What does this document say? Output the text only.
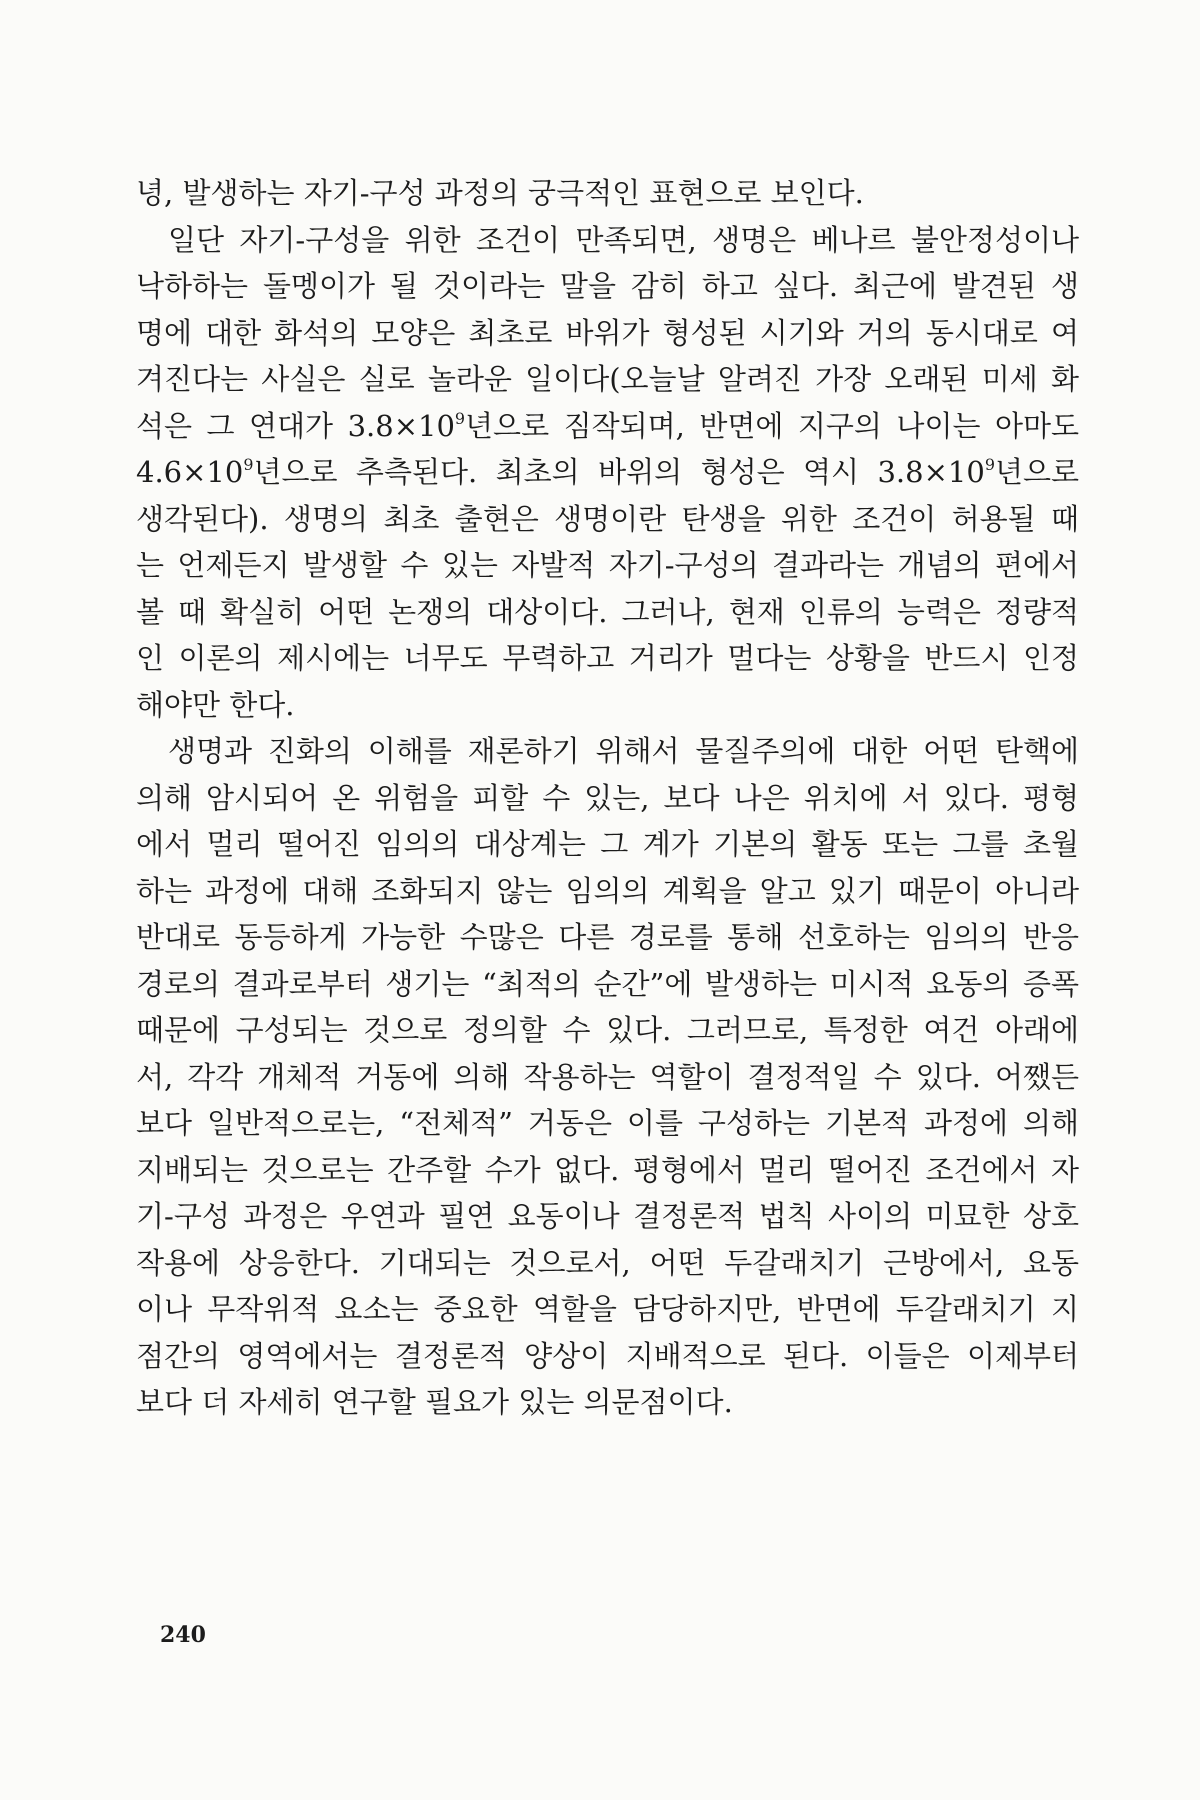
녕, 발생하는 자기-구성 과정의 궁극적인 표현으로 보인다.
일단 자기-구성을 위한 조건이 만족되면, 생명은 베나르 불안정성이나
낙하하는 돌멩이가 될 것이라는 말을 감히 하고 싶다. 최근에 발견된 생
명에 대한 화석의 모양은 최초로 바위가 형성된 시기와 거의 동시대로 여
겨진다는 사실은 실로 놀라운 일이다(오늘날 알려진 가장 오래된 미세 화
석은 그 연대가 $3.8\times 10^9$년으로 짐작되며, 반면에 지구의 나이는 아마도
$4.6\times 10^9$년으로 추측된다. 최초의 바위의 형성은 역시 $3.8\times 10^9$년으로
생각된다). 생명의 최초 출현은 생명이란 탄생을 위한 조건이 허용될 때
는 언제든지 발생할 수 있는 자발적 자기-구성의 결과라는 개념의 편에서
볼 때 확실히 어떤 논쟁의 대상이다. 그러나, 현재 인류의 능력은 정량적
인 이론의 제시에는 너무도 무력하고 거리가 멀다는 상황을 반드시 인정
해야만 한다.
생명과 진화의 이해를 재론하기 위해서 물질주의에 대한 어떤 탄핵에
의해 암시되어 온 위험을 피할 수 있는, 보다 나은 위치에 서 있다. 평형
에서 멀리 떨어진 임의의 대상계는 그 계가 기본의 활동 또는 그를 초월
하는 과정에 대해 조화되지 않는 임의의 계획을 알고 있기 때문이 아니라
반대로 동등하게 가능한 수많은 다른 경로를 통해 선호하는 임의의 반응
경로의 결과로부터 생기는 “최적의 순간”에 발생하는 미시적 요동의 증폭
때문에 구성되는 것으로 정의할 수 있다. 그러므로, 특정한 여건 아래에
서, 각각 개체적 거동에 의해 작용하는 역할이 결정적일 수 있다. 어쨌든
보다 일반적으로는, “전체적” 거동은 이를 구성하는 기본적 과정에 의해
지배되는 것으로는 간주할 수가 없다. 평형에서 멀리 떨어진 조건에서 자
기-구성 과정은 우연과 필연 요동이나 결정론적 법칙 사이의 미묘한 상호
작용에 상응한다. 기대되는 것으로서, 어떤 두갈래치기 근방에서, 요동
이나 무작위적 요소는 중요한 역할을 담당하지만, 반면에 두갈래치기 지
점간의 영역에서는 결정론적 양상이 지배적으로 된다. 이들은 이제부터
보다 더 자세히 연구할 필요가 있는 의문점이다.
240
